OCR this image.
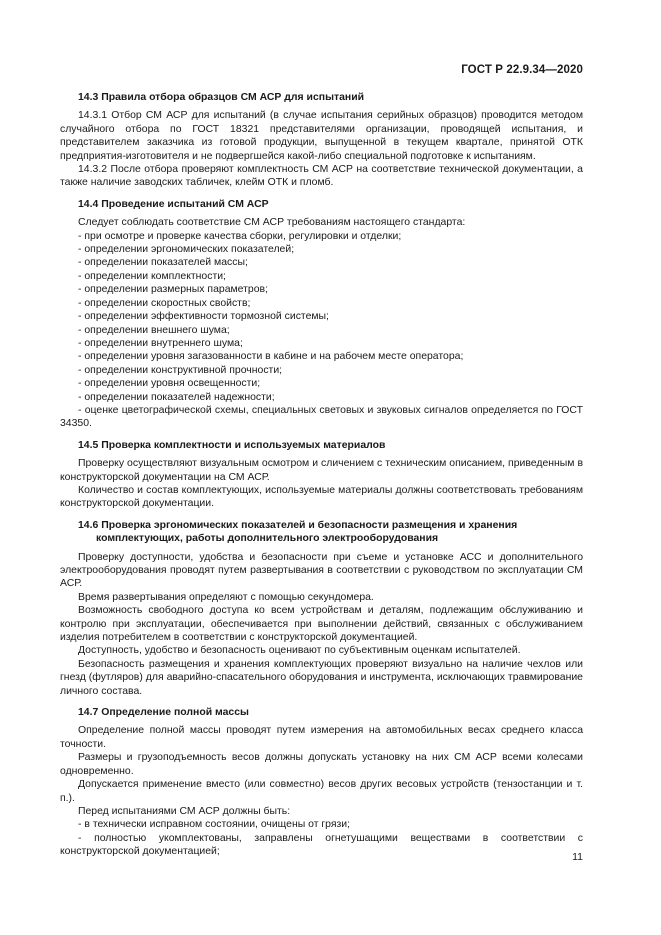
ГОСТ Р 22.9.34—2020
14.3 Правила отбора образцов СМ АСР для испытаний

14.3.1 Отбор СМ АСР для испытаний (в случае испытания серийных образцов) проводится методом случайного отбора по ГОСТ 18321 представителями организации, проводящей испытания, и представителем заказчика из готовой продукции, выпущенной в текущем квартале, принятой ОТК предприятия-изготовителя и не подвергшейся какой-либо специальной подготовке к испытаниям.

14.3.2 После отбора проверяют комплектность СМ АСР на соответствие технической документации, а также наличие заводских табличек, клейм ОТК и пломб.

14.4 Проведение испытаний СМ АСР

Следует соблюдать соответствие СМ АСР требованиям настоящего стандарта:

- при осмотре и проверке качества сборки, регулировки и отделки;

- определении эргономических показателей;

- определении показателей массы;

- определении комплектности;

- определении размерных параметров;

- определении скоростных свойств;

- определении эффективности тормозной системы;

- определении внешнего шума;

- определении внутреннего шума;

- определении уровня загазованности в кабине и на рабочем месте оператора;

- определении конструктивной прочности;

- определении уровня освещенности;

- определении показателей надежности;

- оценке цветографической схемы, специальных световых и звуковых сигналов определяется по ГОСТ 34350.

14.5 Проверка комплектности и используемых материалов

Проверку осуществляют визуальным осмотром и сличением с техническим описанием, приведенным в конструкторской документации на СМ АСР.

Количество и состав комплектующих, используемые материалы должны соответствовать требованиям конструкторской документации.

14.6 Проверка эргономических показателей и безопасности размещения и хранения комплектующих, работы дополнительного электрооборудования

Проверку доступности, удобства и безопасности при съеме и установке АСС и дополнительного электрооборудования проводят путем развертывания в соответствии с руководством по эксплуатации СМ АСР.

Время развертывания определяют с помощью секундомера.

Возможность свободного доступа ко всем устройствам и деталям, подлежащим обслуживанию и контролю при эксплуатации, обеспечивается при выполнении действий, связанных с обслуживанием изделия потребителем в соответствии с конструкторской документацией.

Доступность, удобство и безопасность оценивают по субъективным оценкам испытателей.

Безопасность размещения и хранения комплектующих проверяют визуально на наличие чехлов или гнезд (футляров) для аварийно-спасательного оборудования и инструмента, исключающих травмирование личного состава.

14.7 Определение полной массы

Определение полной массы проводят путем измерения на автомобильных весах среднего класса точности.

Размеры и грузоподъемность весов должны допускать установку на них СМ АСР всеми колесами одновременно.

Допускается применение вместо (или совместно) весов других весовых устройств (тензостанции и т. п.).

Перед испытаниями СМ АСР должны быть:

- в технически исправном состоянии, очищены от грязи;

- полностью укомплектованы, заправлены огнетушащими веществами в соответствии с конструкторской документацией;	11
